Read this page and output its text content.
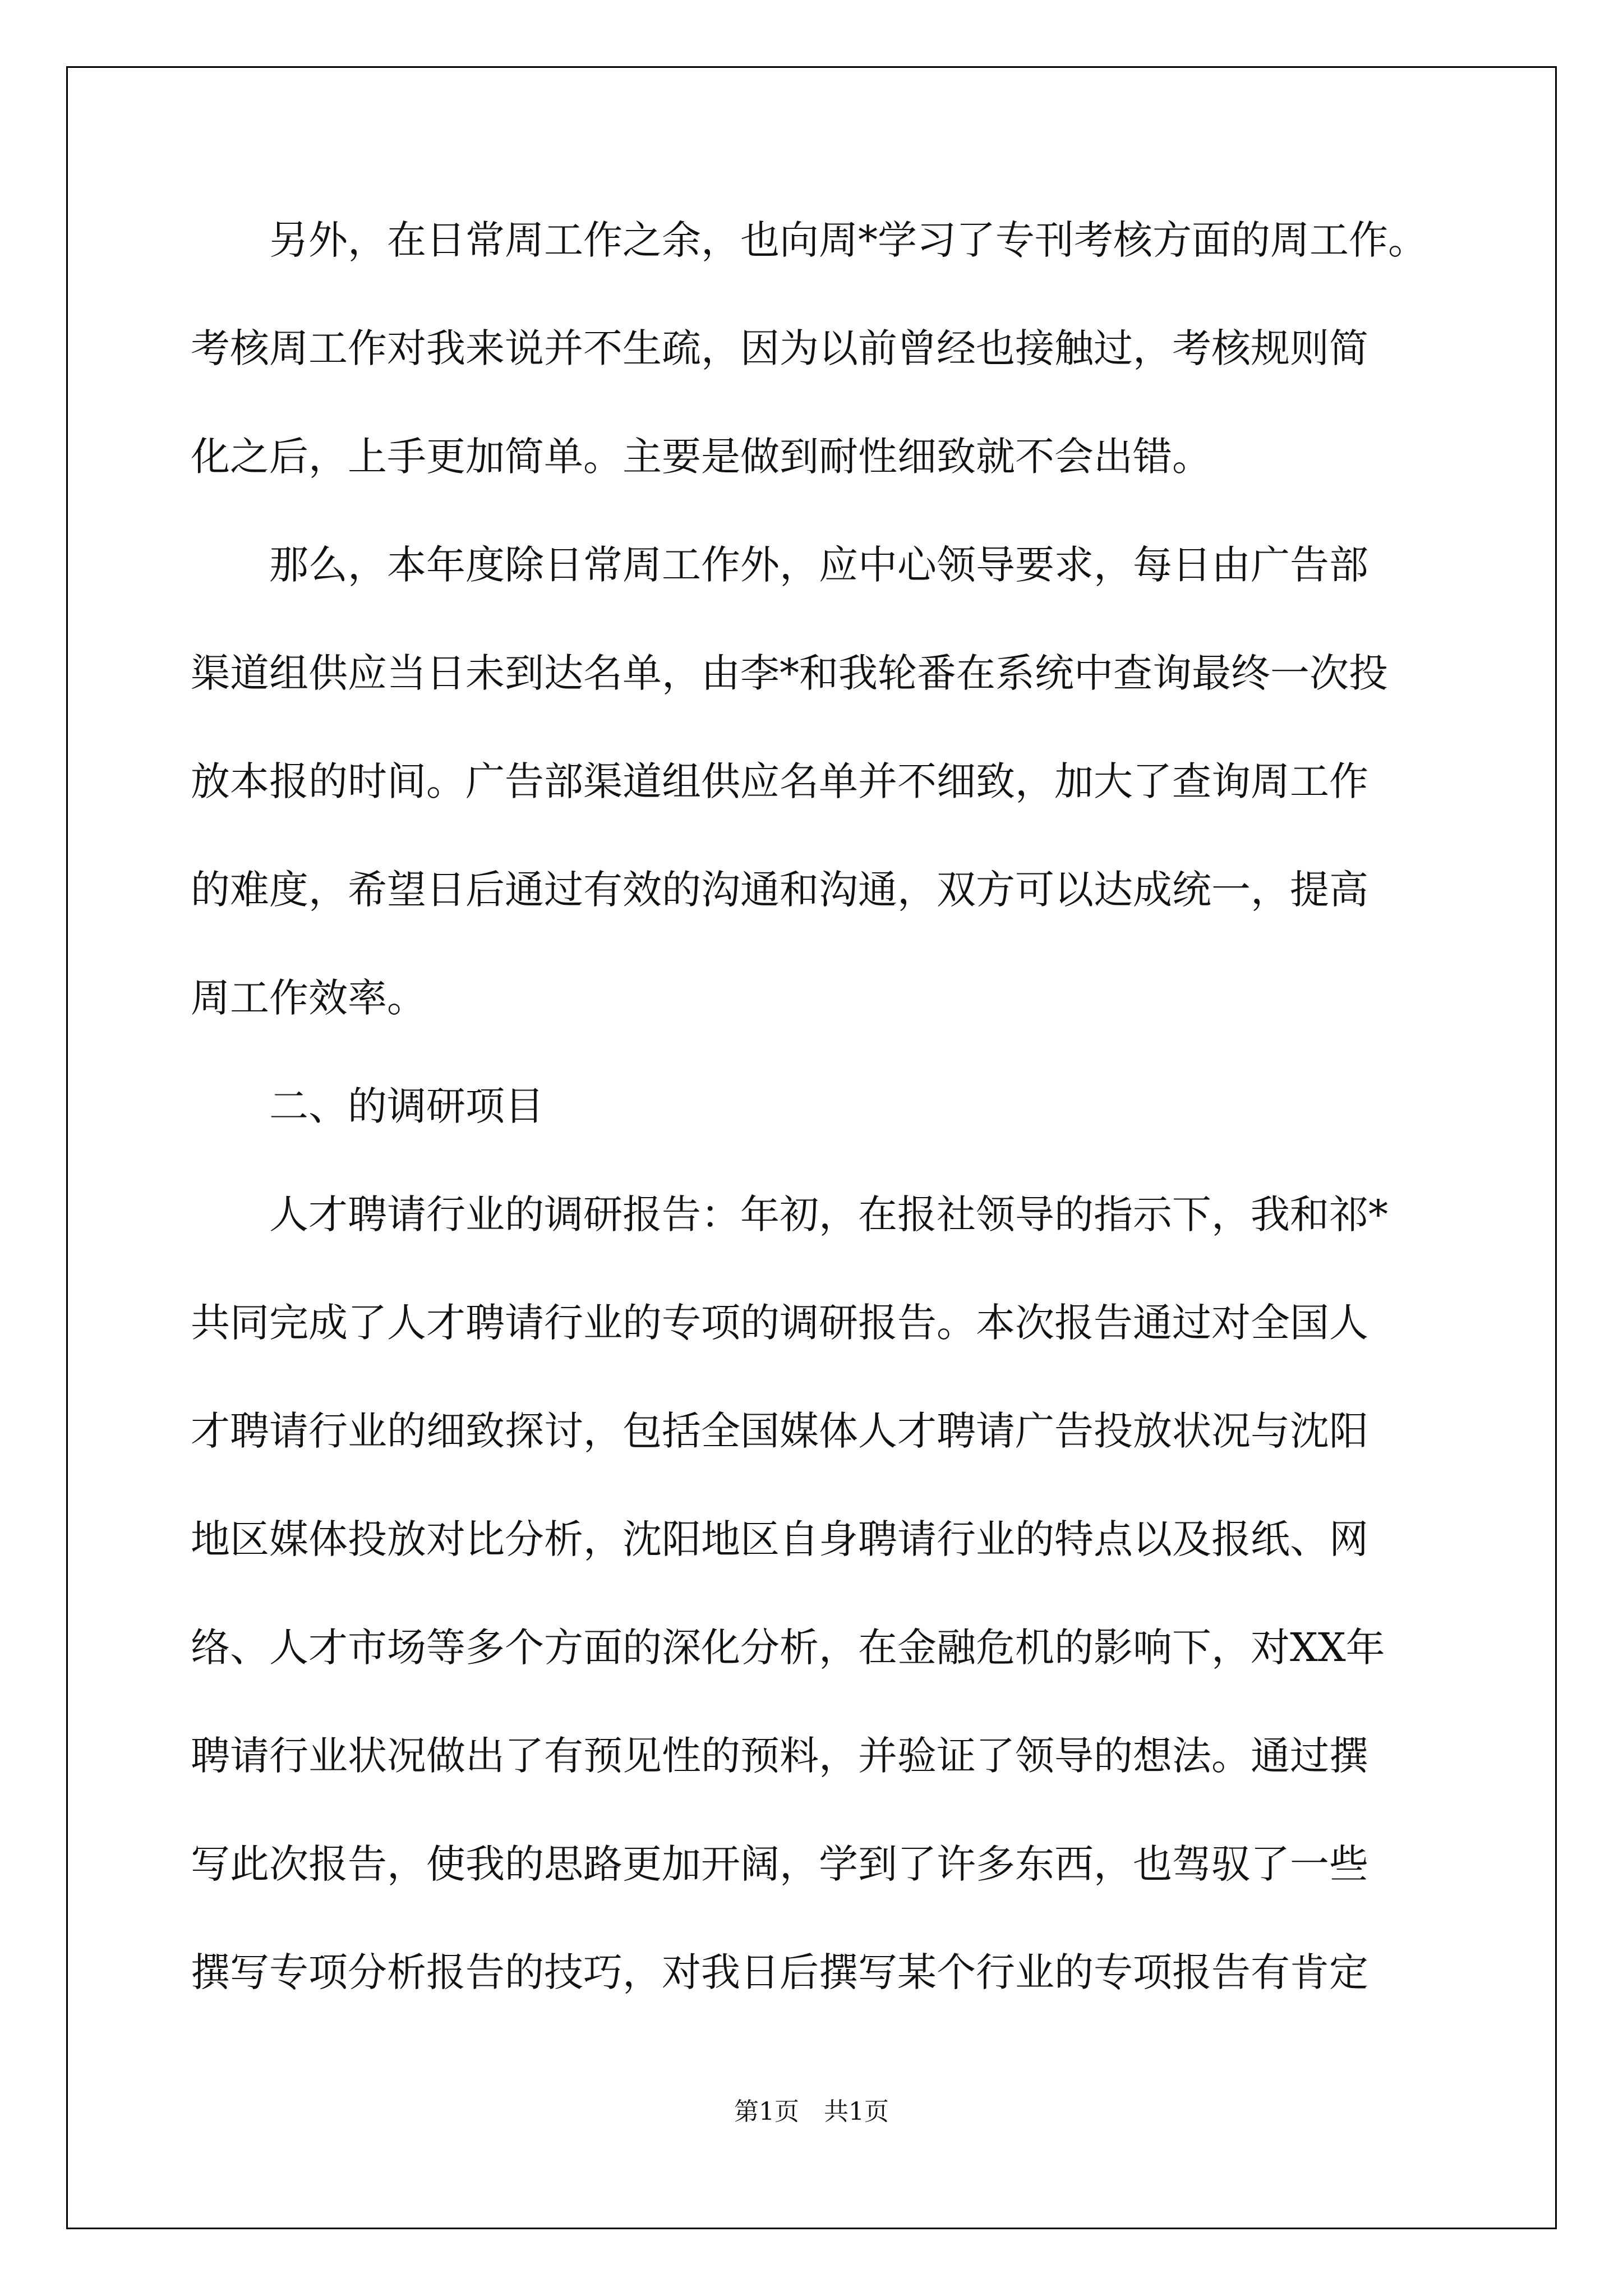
　　另外，在日常周工作之余，也向周*学习了专刊考核方面的周工作。

考核周工作对我来说并不生疏，因为以前曾经也接触过，考核规则简

化之后，上手更加简单。主要是做到耐性细致就不会出错。

　　那么，本年度除日常周工作外，应中心领导要求，每日由广告部

渠道组供应当日未到达名单，由李*和我轮番在系统中查询最终一次投

放本报的时间。广告部渠道组供应名单并不细致，加大了查询周工作

的难度，希望日后通过有效的沟通和沟通，双方可以达成统一，提高

周工作效率。

　　二、的调研项目

　　人才聘请行业的调研报告：年初，在报社领导的指示下，我和祁*

共同完成了人才聘请行业的专项的调研报告。本次报告通过对全国人

才聘请行业的细致探讨，包括全国媒体人才聘请广告投放状况与沈阳

地区媒体投放对比分析，沈阳地区自身聘请行业的特点以及报纸、网

络、人才市场等多个方面的深化分析，在金融危机的影响下，对XX年

聘请行业状况做出了有预见性的预料，并验证了领导的想法。通过撰

写此次报告，使我的思路更加开阔，学到了许多东西，也驾驭了一些

撰写专项分析报告的技巧，对我日后撰写某个行业的专项报告有肯定

第1页　共1页
